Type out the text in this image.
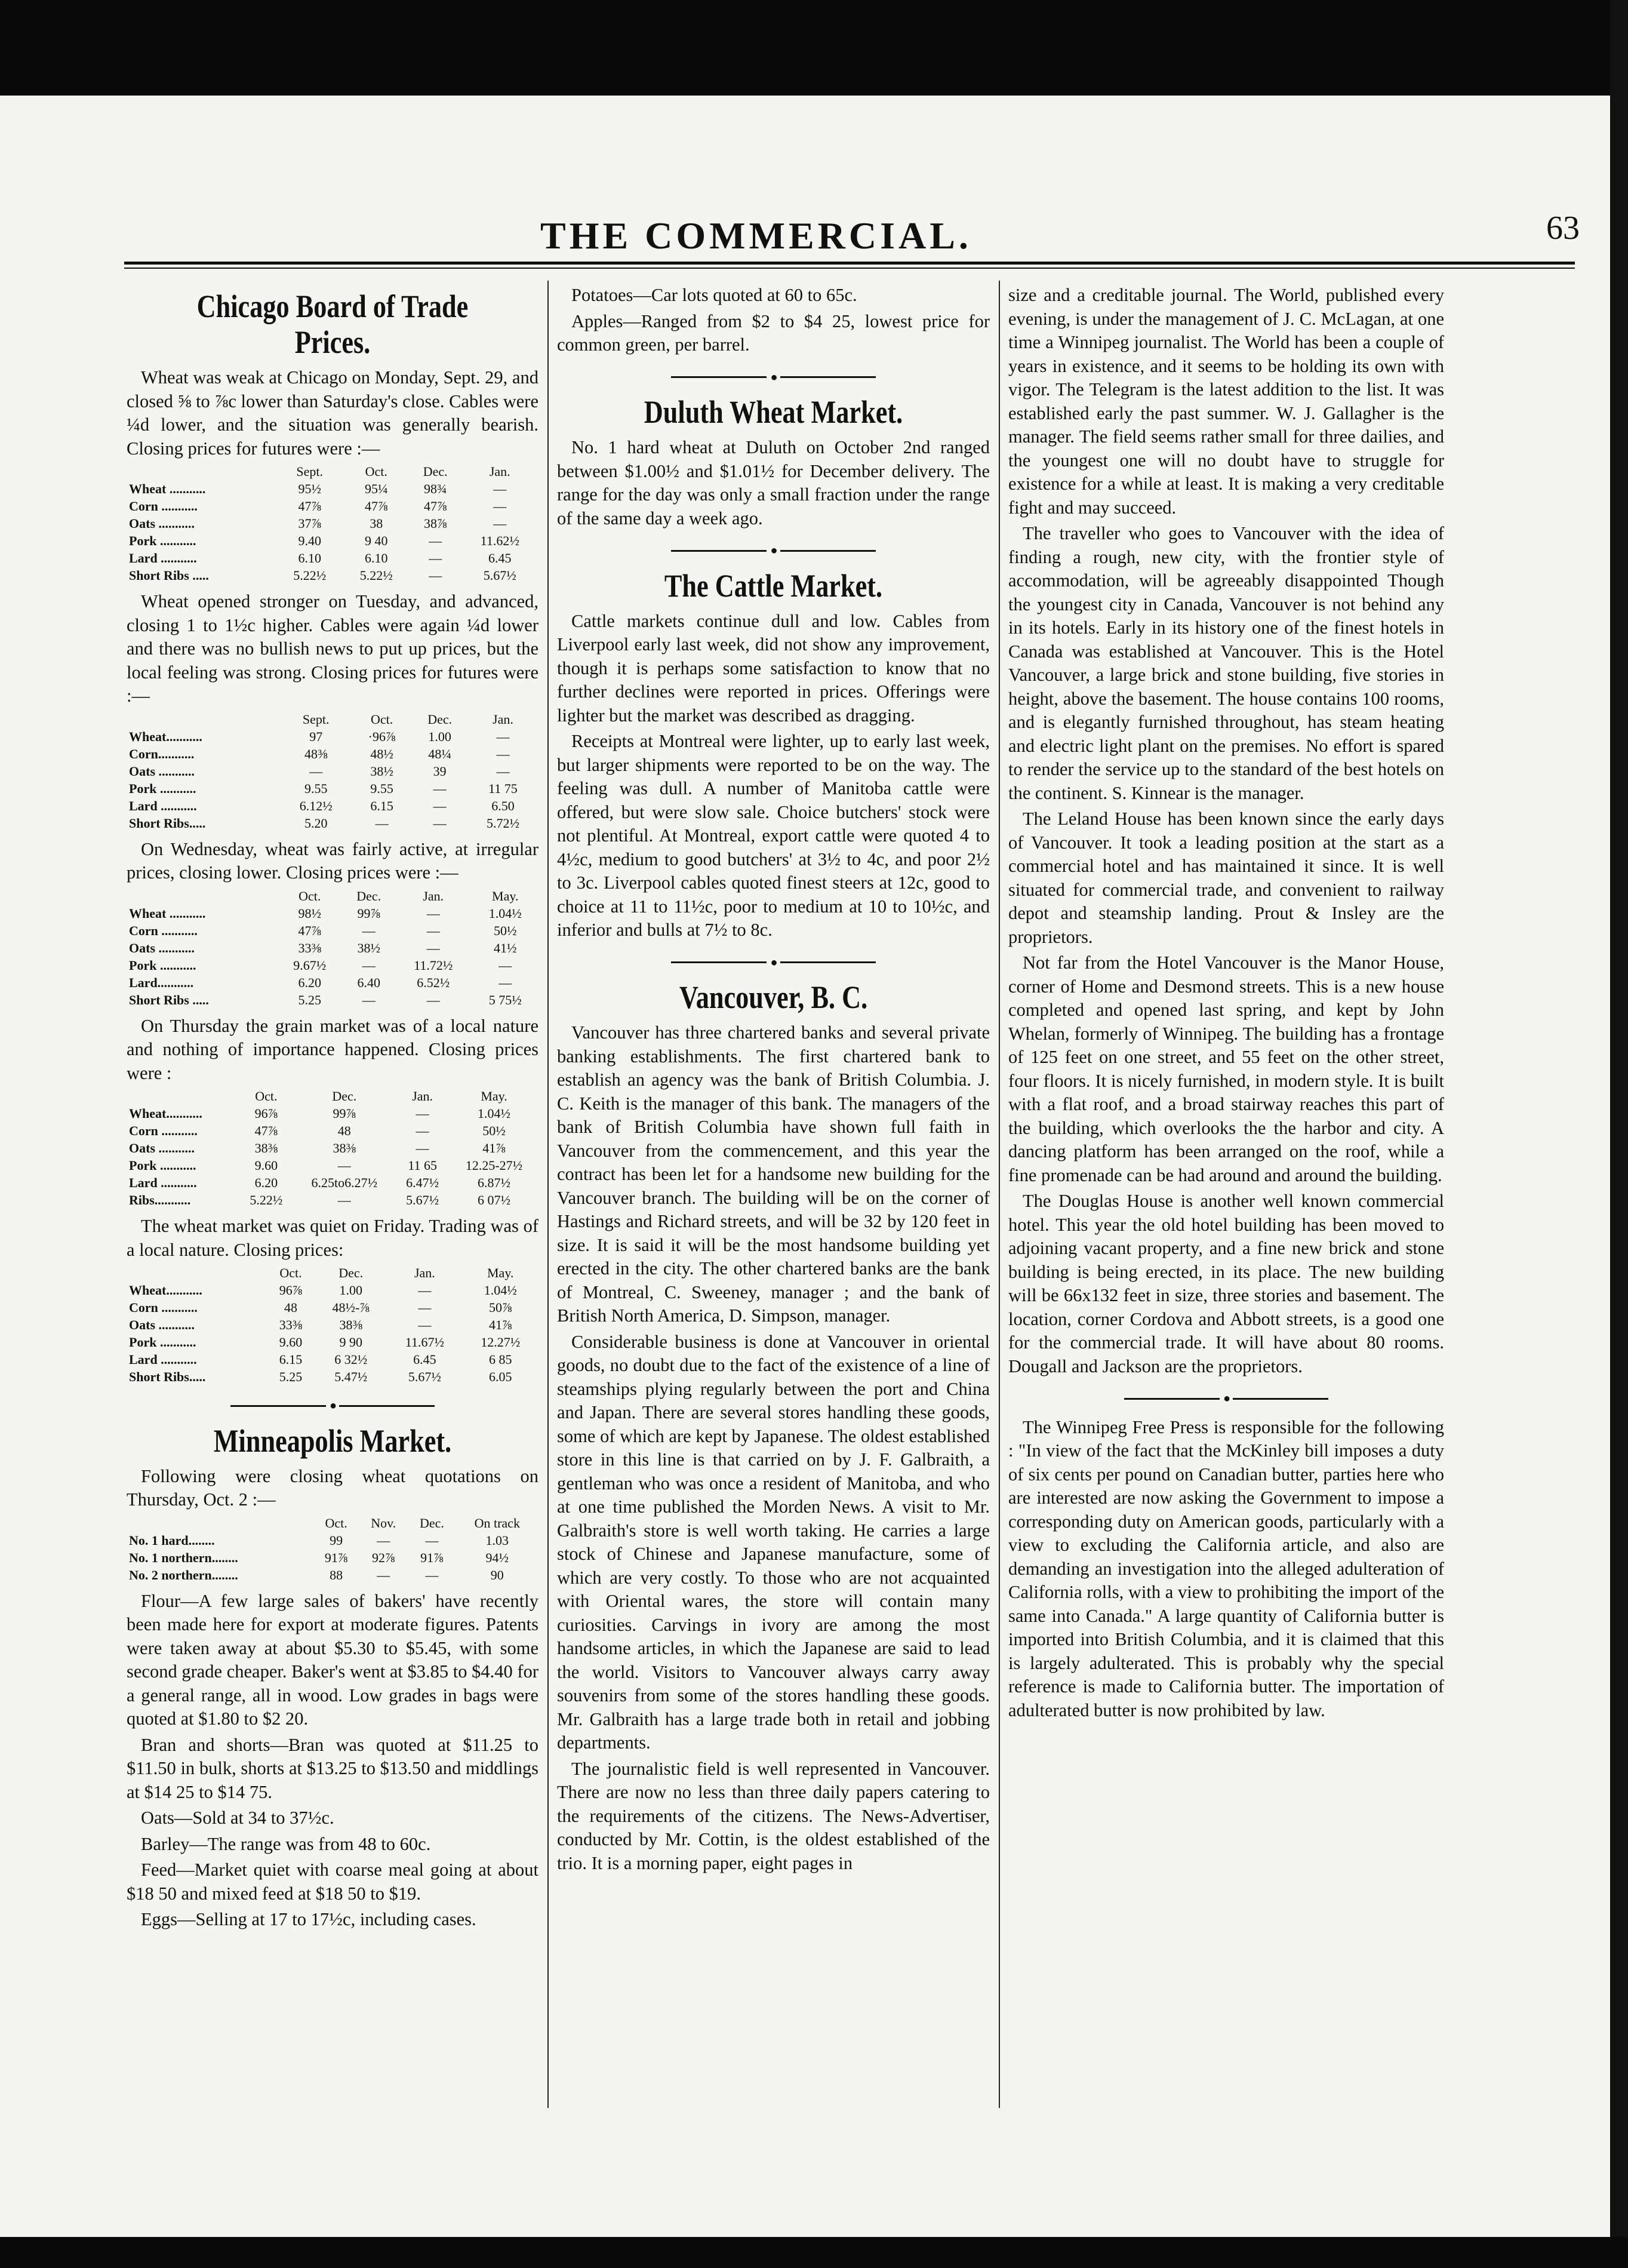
THE COMMERCIAL.	63
Chicago Board of Trade Prices.

Wheat was weak at Chicago on Monday, Sept. 29, and closed ⅝ to ⅞c lower than Saturday's close. Cables were ¼d lower, and the situation was generally bearish. Closing prices for futures were :—

	Sept.	Oct.	Dec.	Jan.
Wheat ...........	95½	95¼	98¾	—
Corn ...........	47⅞	47⅞	47⅞	—
Oats ...........	37⅞	38	38⅞	—
Pork ...........	9.40	9 40	—	11.62½
Lard ...........	6.10	6.10	—	6.45
Short Ribs .....	5.22½	5.22½	—	5.67½

Wheat opened stronger on Tuesday, and advanced, closing 1 to 1½c higher. Cables were again ¼d lower and there was no bullish news to put up prices, but the local feeling was strong. Closing prices for futures were :—

	Sept.	Oct.	Dec.	Jan.
Wheat...........	97	·96⅞	1.00	—
Corn...........	48⅜	48½	48¼	—
Oats ...........	—	38½	39	—
Pork ...........	9.55	9.55	—	11 75
Lard ...........	6.12½	6.15	—	6.50
Short Ribs.....	5.20	—	—	5.72½

On Wednesday, wheat was fairly active, at irregular prices, closing lower. Closing prices were :—

	Oct.	Dec.	Jan.	May.
Wheat ...........	98½	99⅞	—	1.04½
Corn ...........	47⅞	—	—	50½
Oats ...........	33⅜	38½	—	41½
Pork ...........	9.67½	—	11.72½	—
Lard...........	6.20	6.40	6.52½	—
Short Ribs .....	5.25	—	—	5 75½

On Thursday the grain market was of a local nature and nothing of importance happened. Closing prices were :

	Oct.	Dec.	Jan.	May.
Wheat...........	96⅞	99⅞	—	1.04½
Corn ...........	47⅞	48	—	50½
Oats ...........	38⅜	38⅜	—	41⅞
Pork ...........	9.60	—	11 65	12.25-27½
Lard ...........	6.20	6.25to6.27½	6.47½	6.87½
Ribs...........	5.22½	—	5.67½	6 07½

The wheat market was quiet on Friday. Trading was of a local nature. Closing prices:

	Oct.	Dec.	Jan.	May.
Wheat...........	96⅞	1.00	—	1.04½
Corn ...........	48	48½-⅞	—	50⅞
Oats ...........	33⅜	38⅜	—	41⅞
Pork ...........	9.60	9 90	11.67½	12.27½
Lard ...........	6.15	6 32½	6.45	6 85
Short Ribs.....	5.25	5.47½	5.67½	6.05
●
Minneapolis Market.

Following were closing wheat quotations on Thursday, Oct. 2 :—

	Oct.	Nov.	Dec.	On track
No. 1 hard........	99	—	—	1.03
No. 1 northern........	91⅞	92⅞	91⅞	94½
No. 2 northern........	88	—	—	90

Flour—A few large sales of bakers' have recently been made here for export at moderate figures. Patents were taken away at about $5.30 to $5.45, with some second grade cheaper. Baker's went at $3.85 to $4.40 for a general range, all in wood. Low grades in bags were quoted at $1.80 to $2 20.

Bran and shorts—Bran was quoted at $11.25 to $11.50 in bulk, shorts at $13.25 to $13.50 and middlings at $14 25 to $14 75.

Oats—Sold at 34 to 37½c.

Barley—The range was from 48 to 60c.

Feed—Market quiet with coarse meal going at about $18 50 and mixed feed at $18 50 to $19.

Eggs—Selling at 17 to 17½c, including cases.

Potatoes—Car lots quoted at 60 to 65c.

Apples—Ranged from $2 to $4 25, lowest price for common green, per barrel.

●
Duluth Wheat Market.

No. 1 hard wheat at Duluth on October 2nd ranged between $1.00½ and $1.01½ for December delivery. The range for the day was only a small fraction under the range of the same day a week ago.

●
The Cattle Market.

Cattle markets continue dull and low. Cables from Liverpool early last week, did not show any improvement, though it is perhaps some satisfaction to know that no further declines were reported in prices. Offerings were lighter but the market was described as dragging.

Receipts at Montreal were lighter, up to early last week, but larger shipments were reported to be on the way. The feeling was dull. A number of Manitoba cattle were offered, but were slow sale. Choice butchers' stock were not plentiful. At Montreal, export cattle were quoted 4 to 4½c, medium to good butchers' at 3½ to 4c, and poor 2½ to 3c. Liverpool cables quoted finest steers at 12c, good to choice at 11 to 11½c, poor to medium at 10 to 10½c, and inferior and bulls at 7½ to 8c.

●
Vancouver, B. C.

Vancouver has three chartered banks and several private banking establishments. The first chartered bank to establish an agency was the bank of British Columbia. J. C. Keith is the manager of this bank. The managers of the bank of British Columbia have shown full faith in Vancouver from the commencement, and this year the contract has been let for a handsome new building for the Vancouver branch. The building will be on the corner of Hastings and Richard streets, and will be 32 by 120 feet in size. It is said it will be the most handsome building yet erected in the city. The other chartered banks are the bank of Montreal, C. Sweeney, manager ; and the bank of British North America, D. Simpson, manager.

Considerable business is done at Vancouver in oriental goods, no doubt due to the fact of the existence of a line of steamships plying regularly between the port and China and Japan. There are several stores handling these goods, some of which are kept by Japanese. The oldest established store in this line is that carried on by J. F. Galbraith, a gentleman who was once a resident of Manitoba, and who at one time published the Morden News. A visit to Mr. Galbraith's store is well worth taking. He carries a large stock of Chinese and Japanese manufacture, some of which are very costly. To those who are not acquainted with Oriental wares, the store will contain many curiosities. Carvings in ivory are among the most handsome articles, in which the Japanese are said to lead the world. Visitors to Vancouver always carry away souvenirs from some of the stores handling these goods. Mr. Galbraith has a large trade both in retail and jobbing departments.

The journalistic field is well represented in Vancouver. There are now no less than three daily papers catering to the requirements of the citizens. The News-Advertiser, conducted by Mr. Cottin, is the oldest established of the trio. It is a morning paper, eight pages in

size and a creditable journal. The World, published every evening, is under the management of J. C. McLagan, at one time a Winnipeg journalist. The World has been a couple of years in existence, and it seems to be holding its own with vigor. The Telegram is the latest addition to the list. It was established early the past summer. W. J. Gallagher is the manager. The field seems rather small for three dailies, and the youngest one will no doubt have to struggle for existence for a while at least. It is making a very creditable fight and may succeed.

The traveller who goes to Vancouver with the idea of finding a rough, new city, with the frontier style of accommodation, will be agreeably disappointed Though the youngest city in Canada, Vancouver is not behind any in its hotels. Early in its history one of the finest hotels in Canada was established at Vancouver. This is the Hotel Vancouver, a large brick and stone building, five stories in height, above the basement. The house contains 100 rooms, and is elegantly furnished throughout, has steam heating and electric light plant on the premises. No effort is spared to render the service up to the standard of the best hotels on the continent. S. Kinnear is the manager.

The Leland House has been known since the early days of Vancouver. It took a leading position at the start as a commercial hotel and has maintained it since. It is well situated for commercial trade, and convenient to railway depot and steamship landing. Prout & Insley are the proprietors.

Not far from the Hotel Vancouver is the Manor House, corner of Home and Desmond streets. This is a new house completed and opened last spring, and kept by John Whelan, formerly of Winnipeg. The building has a frontage of 125 feet on one street, and 55 feet on the other street, four floors. It is nicely furnished, in modern style. It is built with a flat roof, and a broad stairway reaches this part of the building, which overlooks the the harbor and city. A dancing platform has been arranged on the roof, while a fine promenade can be had around and around the building.

The Douglas House is another well known commercial hotel. This year the old hotel building has been moved to adjoining vacant property, and a fine new brick and stone building is being erected, in its place. The new building will be 66x132 feet in size, three stories and basement. The location, corner Cordova and Abbott streets, is a good one for the commercial trade. It will have about 80 rooms. Dougall and Jackson are the proprietors.

●

The Winnipeg Free Press is responsible for the following : "In view of the fact that the McKinley bill imposes a duty of six cents per pound on Canadian butter, parties here who are interested are now asking the Government to impose a corresponding duty on American goods, particularly with a view to excluding the California article, and also are demanding an investigation into the alleged adulteration of California rolls, with a view to prohibiting the import of the same into Canada." A large quantity of California butter is imported into British Columbia, and it is claimed that this is largely adulterated. This is probably why the special reference is made to California butter. The importation of adulterated butter is now prohibited by law.
